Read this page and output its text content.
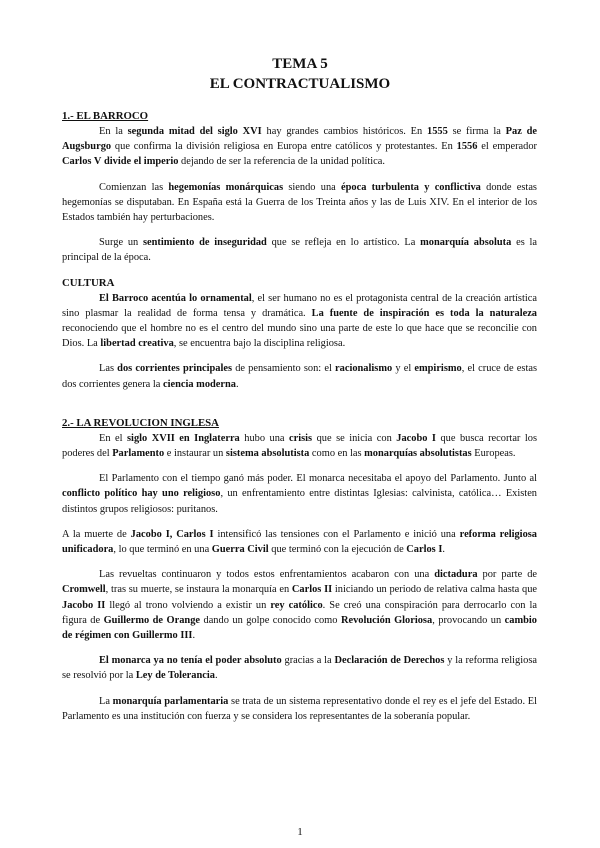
TEMA 5
EL CONTRACTUALISMO
1.- EL BARROCO

En la segunda mitad del siglo XVI hay grandes cambios históricos. En 1555 se firma la Paz de Augsburgo que confirma la división religiosa en Europa entre católicos y protestantes. En 1556 el emperador Carlos V divide el imperio dejando de ser la referencia de la unidad política.

Comienzan las hegemonías monárquicas siendo una época turbulenta y conflictiva donde estas hegemonías se disputaban. En España está la Guerra de los Treinta años y las de Luis XIV. En el interior de los Estados también hay perturbaciones.

Surge un sentimiento de inseguridad que se refleja en lo artístico. La monarquía absoluta es la principal de la época.

CULTURA

El Barroco acentúa lo ornamental, el ser humano no es el protagonista central de la creación artística sino plasmar la realidad de forma tensa y dramática. La fuente de inspiración es toda la naturaleza reconociendo que el hombre no es el centro del mundo sino una parte de este lo que hace que se reconcilie con Dios. La libertad creativa, se encuentra bajo la disciplina religiosa.

Las dos corrientes principales de pensamiento son: el racionalismo y el empirismo, el cruce de estas dos corrientes genera la ciencia moderna.

2.- LA REVOLUCION INGLESA

En el siglo XVII en Inglaterra hubo una crisis que se inicia con Jacobo I que busca recortar los poderes del Parlamento e instaurar un sistema absolutista como en las monarquías absolutistas Europeas.

El Parlamento con el tiempo ganó más poder. El monarca necesitaba el apoyo del Parlamento. Junto al conflicto político hay uno religioso, un enfrentamiento entre distintas Iglesias: calvinista, católica… Existen distintos grupos religiosos: puritanos.

A la muerte de Jacobo I, Carlos I intensificó las tensiones con el Parlamento e inició una reforma religiosa unificadora, lo que terminó en una Guerra Civil que terminó con la ejecución de Carlos I.

Las revueltas continuaron y todos estos enfrentamientos acabaron con una dictadura por parte de Cromwell, tras su muerte, se instaura la monarquía en Carlos II iniciando un periodo de relativa calma hasta que Jacobo II llegó al trono volviendo a existir un rey católico. Se creó una conspiración para derrocarlo con la figura de Guillermo de Orange dando un golpe conocido como Revolución Gloriosa, provocando un cambio de régimen con Guillermo III.

El monarca ya no tenía el poder absoluto gracias a la Declaración de Derechos y la reforma religiosa se resolvió por la Ley de Tolerancia.

La monarquía parlamentaria se trata de un sistema representativo donde el rey es el jefe del Estado. El Parlamento es una institución con fuerza y se considera los representantes de la soberanía popular.

1
